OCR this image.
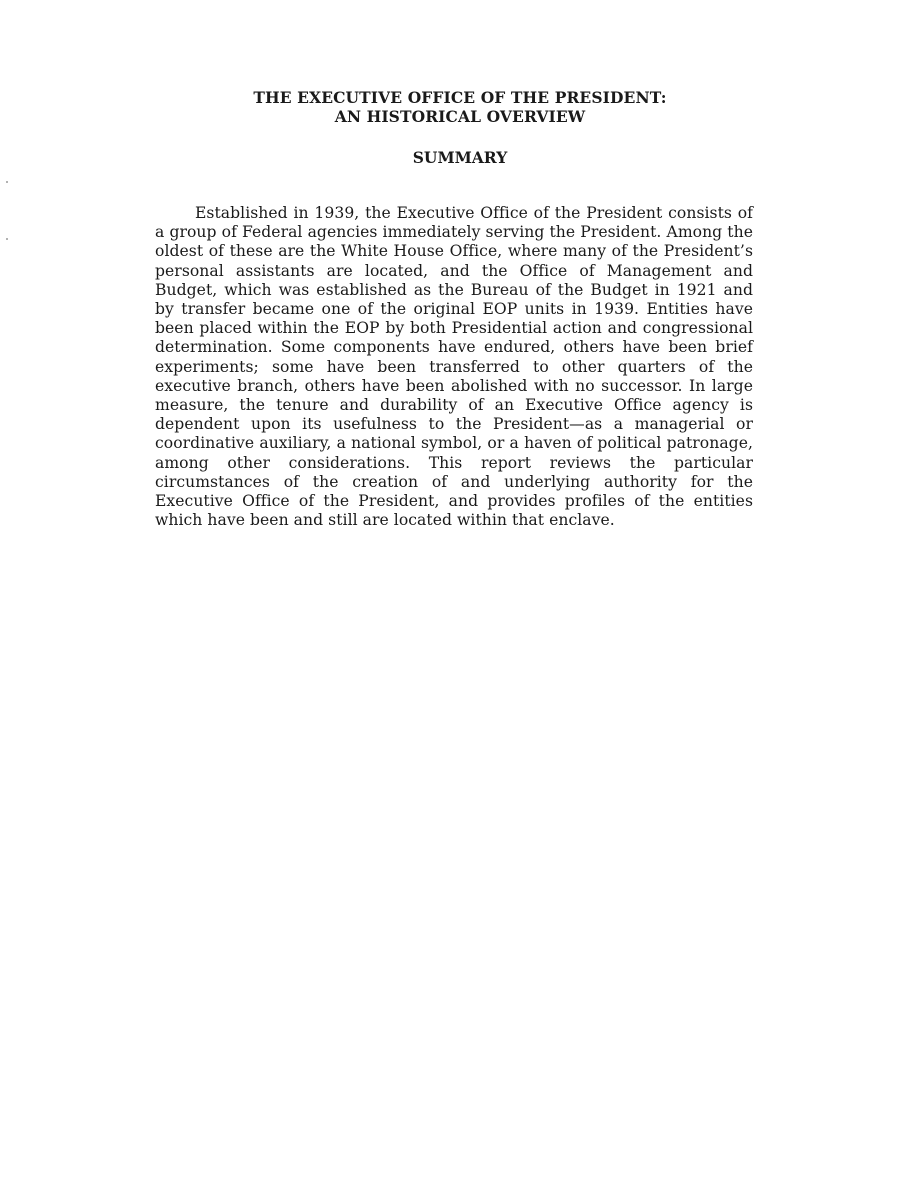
THE EXECUTIVE OFFICE OF THE PRESIDENT:
AN HISTORICAL OVERVIEW
SUMMARY

Established in 1939, the Executive Office of the President consists of a group of Federal agencies immediately serving the President. Among the oldest of these are the White House Office, where many of the President’s personal assistants are located, and the Office of Management and Budget, which was established as the Bureau of the Budget in 1921 and by transfer became one of the original EOP units in 1939. Entities have been placed within the EOP by both Presidential action and congressional determination. Some components have endured, others have been brief experiments; some have been transferred to other quarters of the executive branch, others have been abolished with no successor. In large measure, the tenure and durability of an Executive Office agency is dependent upon its usefulness to the President—as a managerial or coordinative auxiliary, a national symbol, or a haven of political patronage, among other considerations. This report reviews the particular circumstances of the creation of and underlying authority for the Executive Office of the President, and provides profiles of the entities which have been and still are located within that enclave.
